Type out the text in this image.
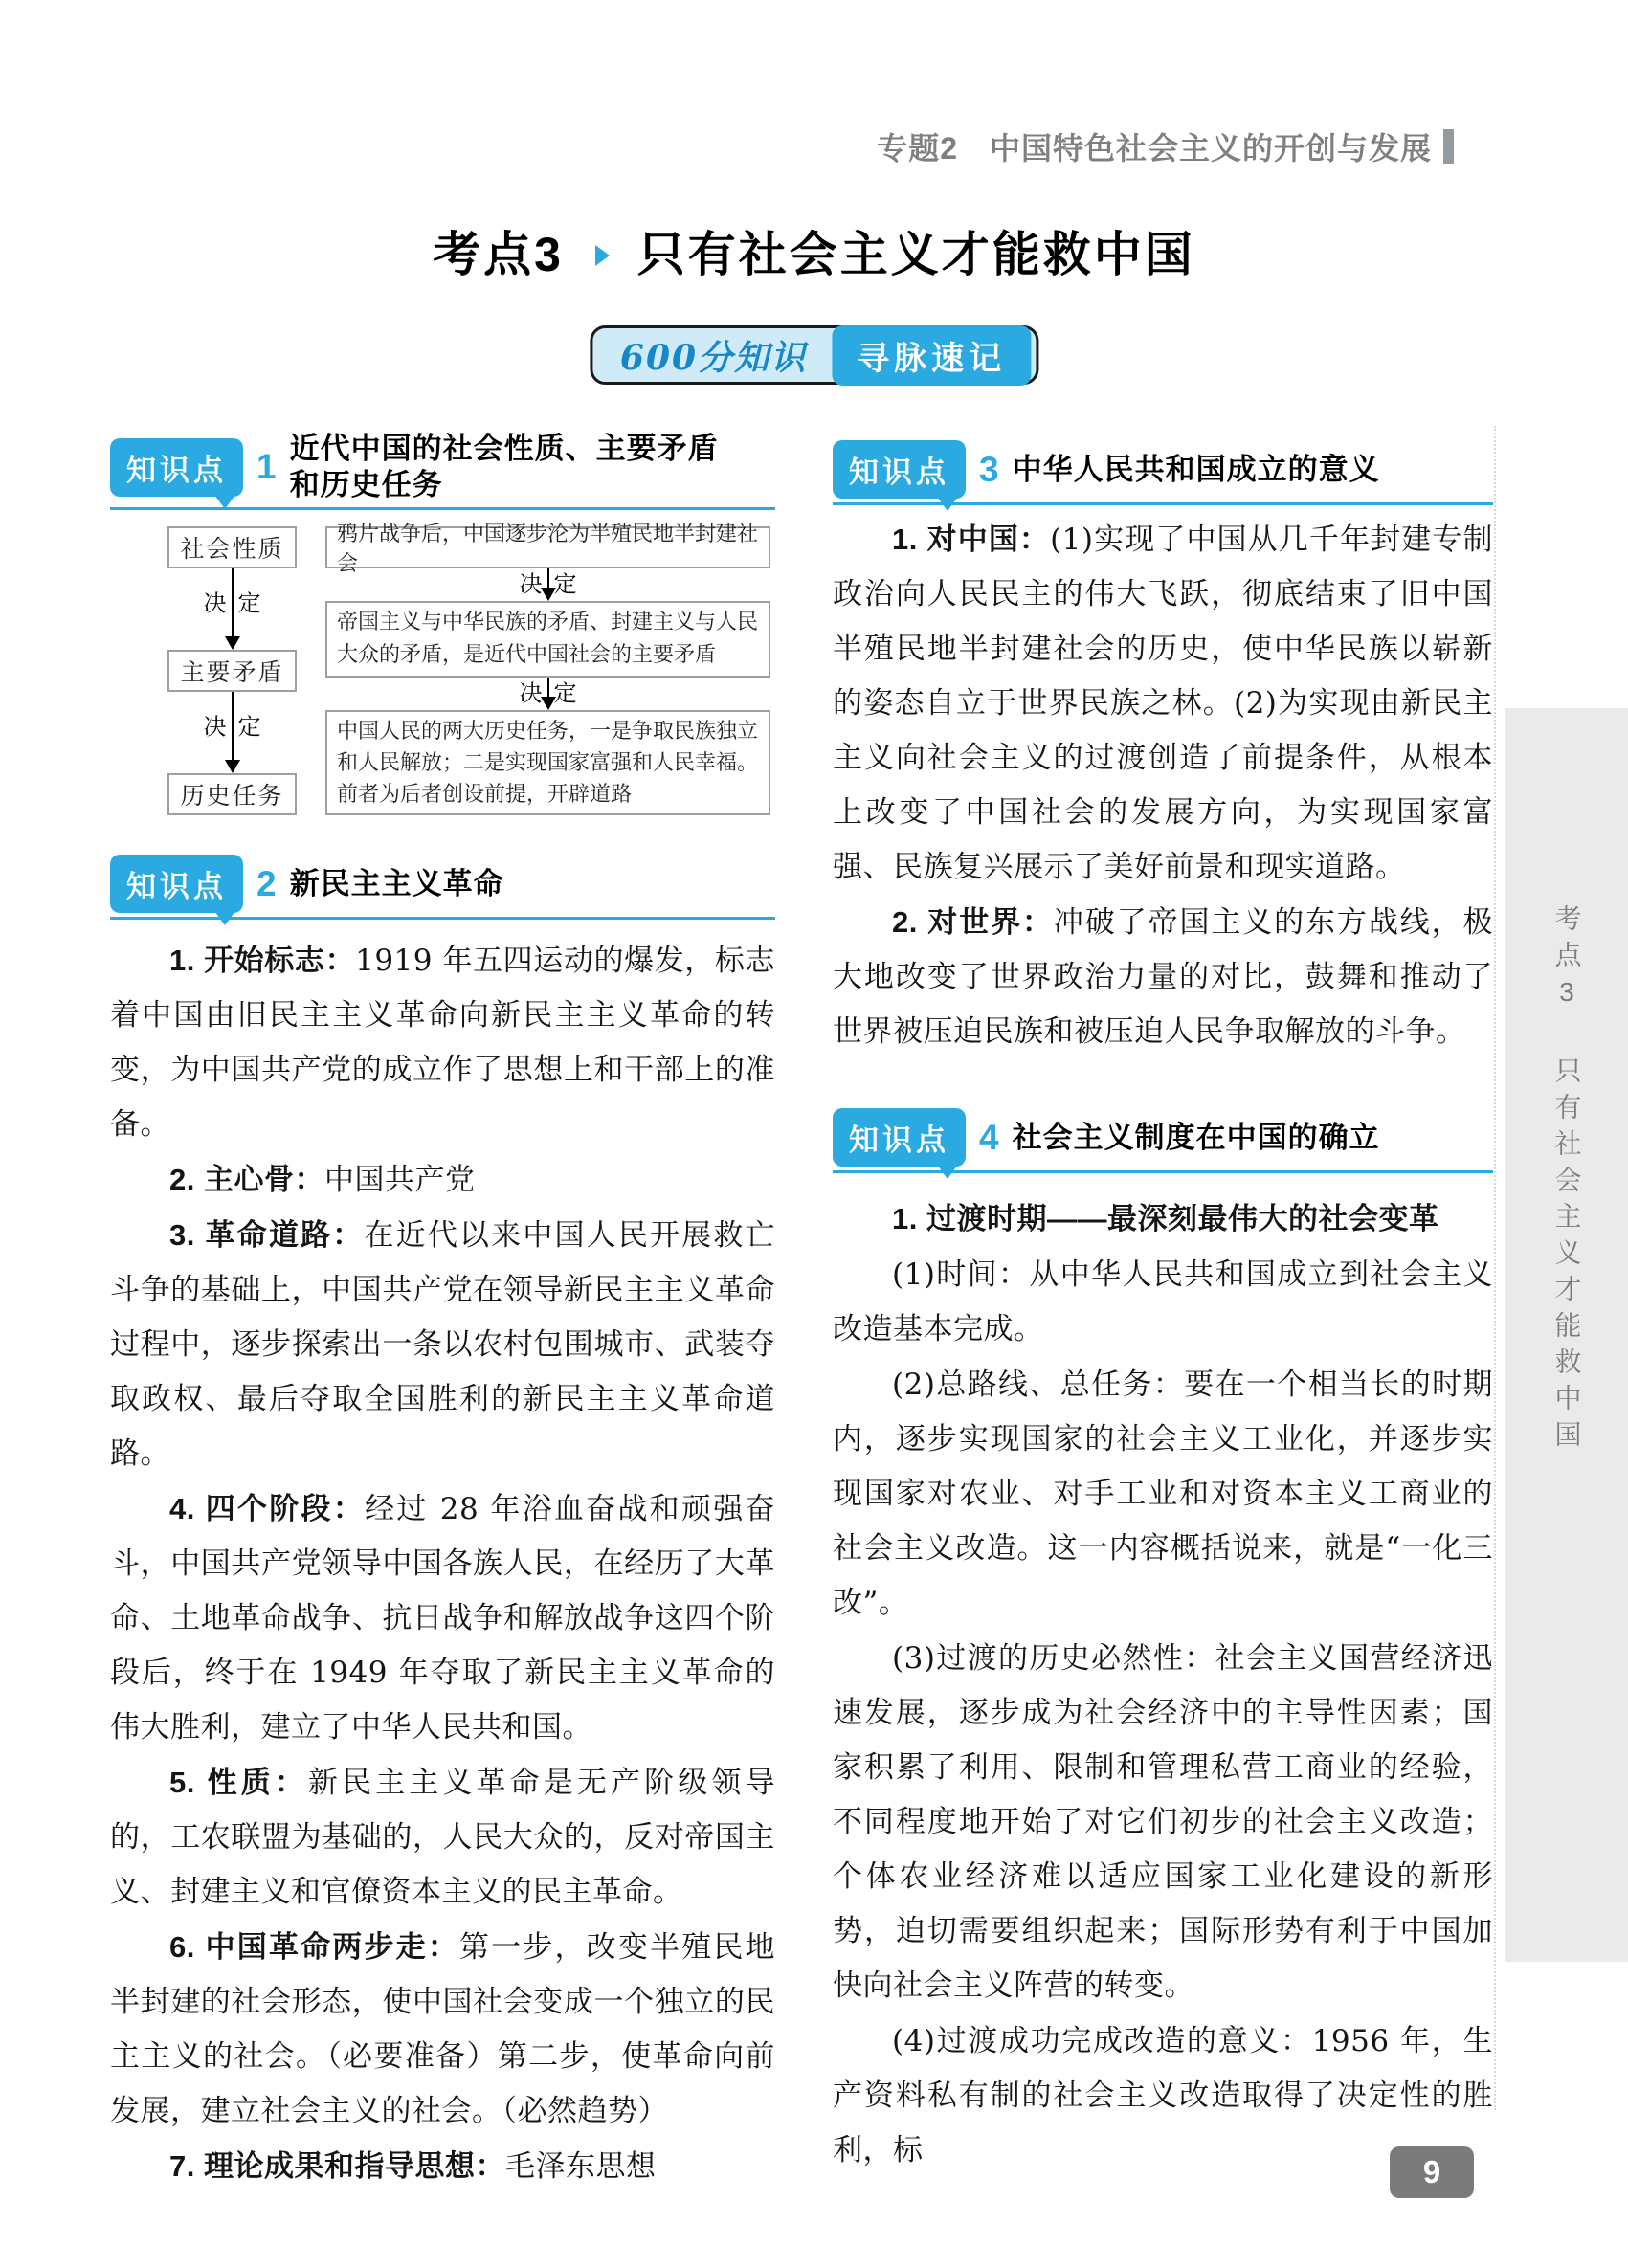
专题2　中国特色社会主义的开创与发展
考点3 只有社会主义才能救中国
600分知识	寻脉速记
知识点 1 近代中国的社会性质、主要矛盾和历史任务
社会性质
决 定
主要矛盾
决 定
历史任务
鸦片战争后，中国逐步沦为半殖民地半封建社会
决 定
帝国主义与中华民族的矛盾、封建主义与人民大众的矛盾，是近代中国社会的主要矛盾
决 定
中国人民的两大历史任务，一是争取民族独立和人民解放；二是实现国家富强和人民幸福。前者为后者创设前提，开辟道路
知识点 2 新民主主义革命

1. 开始标志：1919 年五四运动的爆发，标志着中国由旧民主主义革命向新民主主义革命的转变，为中国共产党的成立作了思想上和干部上的准备。

2. 主心骨：中国共产党

3. 革命道路：在近代以来中国人民开展救亡斗争的基础上，中国共产党在领导新民主主义革命过程中，逐步探索出一条以农村包围城市、武装夺取政权、最后夺取全国胜利的新民主主义革命道路。

4. 四个阶段：经过 28 年浴血奋战和顽强奋斗，中国共产党领导中国各族人民，在经历了大革命、土地革命战争、抗日战争和解放战争这四个阶段后，终于在 1949 年夺取了新民主主义革命的伟大胜利，建立了中华人民共和国。

5. 性质：新民主主义革命是无产阶级领导的，工农联盟为基础的，人民大众的，反对帝国主义、封建主义和官僚资本主义的民主革命。

6. 中国革命两步走：第一步，改变半殖民地半封建的社会形态，使中国社会变成一个独立的民主主义的社会。（必要准备）第二步，使革命向前发展，建立社会主义的社会。（必然趋势）

7. 理论成果和指导思想：毛泽东思想

知识点 3 中华人民共和国成立的意义

1. 对中国：(1)实现了中国从几千年封建专制政治向人民民主的伟大飞跃，彻底结束了旧中国半殖民地半封建社会的历史，使中华民族以崭新的姿态自立于世界民族之林。(2)为实现由新民主主义向社会主义的过渡创造了前提条件，从根本上改变了中国社会的发展方向，为实现国家富强、民族复兴展示了美好前景和现实道路。

2. 对世界：冲破了帝国主义的东方战线，极大地改变了世界政治力量的对比，鼓舞和推动了世界被压迫民族和被压迫人民争取解放的斗争。

知识点 4 社会主义制度在中国的确立

1. 过渡时期——最深刻最伟大的社会变革

(1)时间：从中华人民共和国成立到社会主义改造基本完成。

(2)总路线、总任务：要在一个相当长的时期内，逐步实现国家的社会主义工业化，并逐步实现国家对农业、对手工业和对资本主义工商业的社会主义改造。这一内容概括说来，就是“一化三改”。

(3)过渡的历史必然性：社会主义国营经济迅速发展，逐步成为社会经济中的主导性因素；国家积累了利用、限制和管理私营工商业的经验，不同程度地开始了对它们初步的社会主义改造；个体农业经济难以适应国家工业化建设的新形势，迫切需要组织起来；国际形势有利于中国加快向社会主义阵营的转变。

(4)过渡成功完成改造的意义：1956 年，生产资料私有制的社会主义改造取得了决定性的胜利，标

考点3只有社会主义才能救中国
9
